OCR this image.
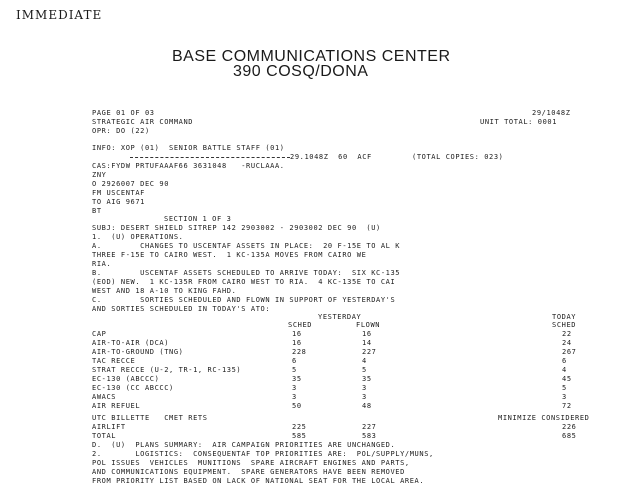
IMMEDIATE
BASE COMMUNICATIONS CENTER
390 COSQ/DONA
PAGE 01 OF 03	29/1048Z
STRATEGIC AIR COMMAND	UNIT TOTAL: 0001
OPR: DO (22)
INFO: XOP (01)  SENIOR BATTLE STAFF (01)
29.1048Z  60  ACF	(TOTAL COPIES: 023)
CAS:FYDW PRTUFAAAF66 3631048   -RUCLAAA.
ZNY
O 2926007 DEC 90
FM USCENTAF
TO AIG 9671
BT
SECTION 1 OF 3
SUBJ: DESERT SHIELD SITREP 142 2903002 - 2903002 DEC 90  (U)
1.  (U) OPERATIONS.
A.        CHANGES TO USCENTAF ASSETS IN PLACE:  20 F-15E TO AL K
THREE F-15E TO CAIRO WEST.  1 KC-135A MOVES FROM CAIRO WE
RIA.
B.        USCENTAF ASSETS SCHEDULED TO ARRIVE TODAY:  SIX KC-135
(EOD) NEW.  1 KC-135R FROM CAIRO WEST TO RIA.  4 KC-135E TO CAI
WEST AND 18 A-10 TO KING FAHD.
C.        SORTIES SCHEDULED AND FLOWN IN SUPPORT OF YESTERDAY'S
AND SORTIES SCHEDULED IN TODAY'S ATO:
YESTERDAY	TODAY
SCHED	FLOWN	SCHED
CAP	16	16	22
AIR-TO-AIR (DCA)	16	14	24
AIR-TO-GROUND (TNG)	228	227	267
TAC RECCE	6	4	6
STRAT RECCE (U-2, TR-1, RC-135)	5	5	4
EC-130 (ABCCC)	35	35	45
EC-130 (CC ABCCC)	3	3	5
AWACS	3	3	3
AIR REFUEL	50	48	72
UTC BILLETTE   CMET RETS	MINIMIZE CONSIDERED
AIRLIFT	225	227	226
TOTAL	585	583	685
D.  (U)  PLANS SUMMARY:  AIR CAMPAIGN PRIORITIES ARE UNCHANGED.
2.       LOGISTICS:  CONSEQUENTAF TOP PRIORITIES ARE:  POL/SUPPLY/MUNS,
POL ISSUES  VEHICLES  MUNITIONS  SPARE AIRCRAFT ENGINES AND PARTS,
AND COMMUNICATIONS EQUIPMENT.  SPARE GENERATORS HAVE BEEN REMOVED
FROM PRIORITY LIST BASED ON LACK OF NATIONAL SEAT FOR THE LOCAL AREA.
